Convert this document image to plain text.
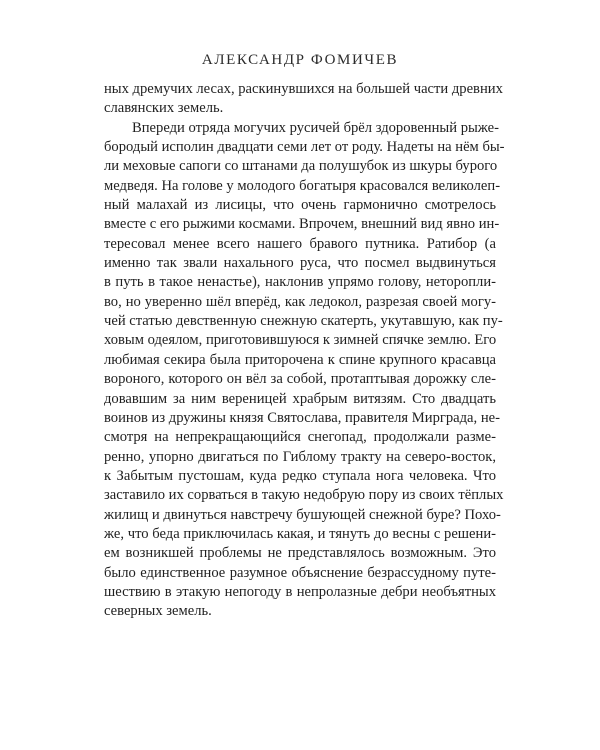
АЛЕКСАНДР ФОМИЧЕВ
ных дремучих лесах, раскинувшихся на большей части древних
славянских земель.
Впереди отряда могучих русичей брёл здоровенный рыже-
бородый исполин двадцати семи лет от роду. Надеты на нём бы-
ли меховые сапоги со штанами да полушубок из шкуры бурого
медведя. На голове у молодого богатыря красовался великолеп-
ный малахай из лисицы, что очень гармонично смотрелось
вместе с его рыжими космами. Впрочем, внешний вид явно ин-
тересовал менее всего нашего бравого путника. Ратибор (а
именно так звали нахального руса, что посмел выдвинуться
в путь в такое ненастье), наклонив упрямо голову, неторопли-
во, но уверенно шёл вперёд, как ледокол, разрезая своей могу-
чей статью девственную снежную скатерть, укутавшую, как пу-
ховым одеялом, приготовившуюся к зимней спячке землю. Его
любимая секира была приторочена к спине крупного красавца
вороного, которого он вёл за собой, протаптывая дорожку сле-
довавшим за ним вереницей храбрым витязям. Сто двадцать
воинов из дружины князя Святослава, правителя Мирграда, не-
смотря на непрекращающийся снегопад, продолжали разме-
ренно, упорно двигаться по Гиблому тракту на северо-восток,
к Забытым пустошам, куда редко ступала нога человека. Что
заставило их сорваться в такую недобрую пору из своих тёплых
жилищ и двинуться навстречу бушующей снежной буре? Похо-
же, что беда приключилась какая, и тянуть до весны с решени-
ем возникшей проблемы не представлялось возможным. Это
было единственное разумное объяснение безрассудному путе-
шествию в этакую непогоду в непролазные дебри необъятных
северных земель.
